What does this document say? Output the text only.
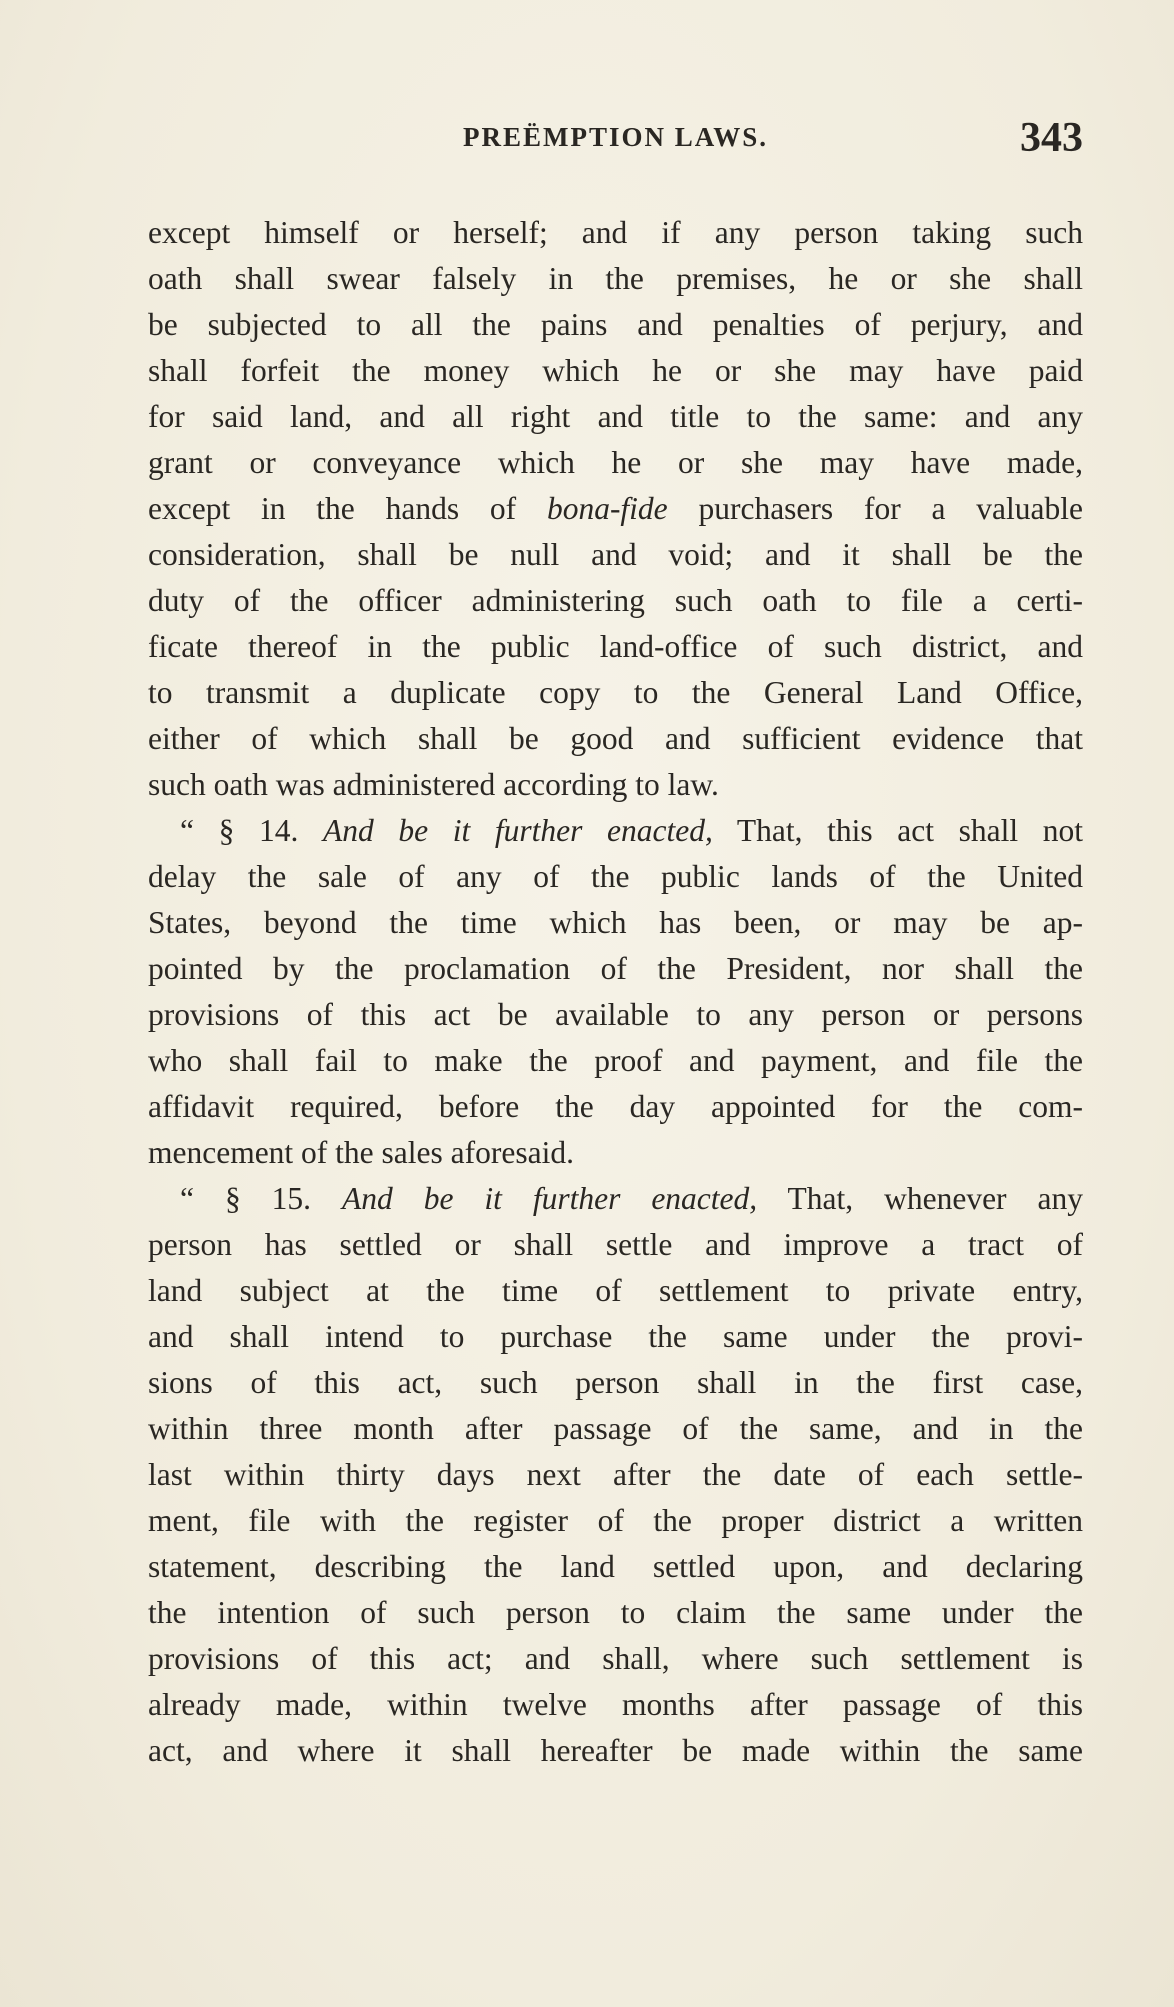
PREËMPTION LAWS.	343
except himself or herself; and if any person taking such
oath shall swear falsely in the premises, he or she shall
be subjected to all the pains and penalties of perjury, and
shall forfeit the money which he or she may have paid
for said land, and all right and title to the same: and any
grant or conveyance which he or she may have made,
except in the hands of bona-fide purchasers for a valuable
consideration, shall be null and void; and it shall be the
duty of the officer administering such oath to file a certi-
ficate thereof in the public land-office of such district, and
to transmit a duplicate copy to the General Land Office,
either of which shall be good and sufficient evidence that
such oath was administered according to law.
“ § 14. And be it further enacted, That, this act shall not
delay the sale of any of the public lands of the United
States, beyond the time which has been, or may be ap-
pointed by the proclamation of the President, nor shall the
provisions of this act be available to any person or persons
who shall fail to make the proof and payment, and file the
affidavit required, before the day appointed for the com-
mencement of the sales aforesaid.
“ § 15. And be it further enacted, That, whenever any
person has settled or shall settle and improve a tract of
land subject at the time of settlement to private entry,
and shall intend to purchase the same under the provi-
sions of this act, such person shall in the first case,
within three month after passage of the same, and in the
last within thirty days next after the date of each settle-
ment, file with the register of the proper district a written
statement, describing the land settled upon, and declaring
the intention of such person to claim the same under the
provisions of this act; and shall, where such settlement is
already made, within twelve months after passage of this
act, and where it shall hereafter be made within the same
